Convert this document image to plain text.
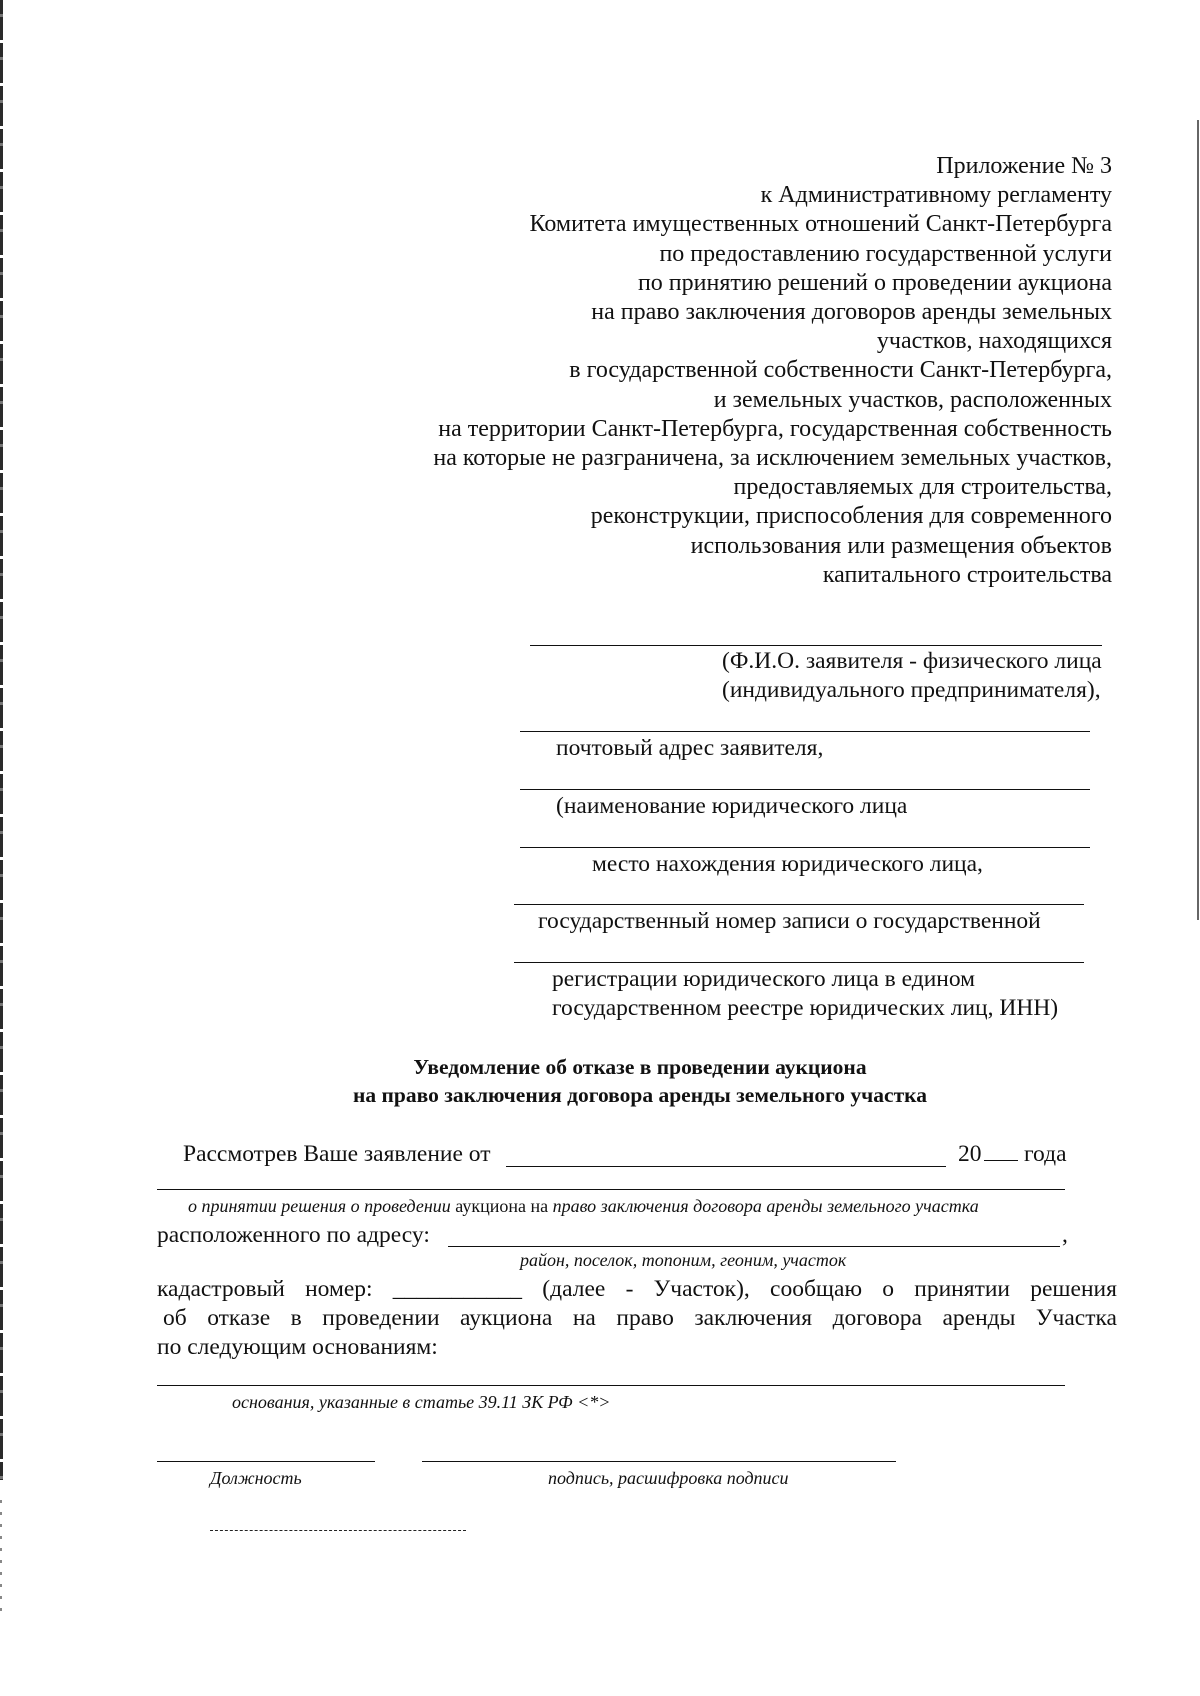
Приложение № 3
к Административному регламенту
Комитета имущественных отношений Санкт-Петербурга
по предоставлению государственной услуги
по принятию решений о проведении аукциона
на право заключения договоров аренды земельных
участков, находящихся
в государственной собственности Санкт-Петербурга,
и земельных участков, расположенных
на территории Санкт-Петербурга, государственная собственность
на которые не разграничена, за исключением земельных участков,
предоставляемых для строительства,
реконструкции, приспособления для современного
использования или размещения объектов
капитального строительства
(Ф.И.О. заявителя - физического лица
(индивидуального предпринимателя),
почтовый адрес заявителя,
(наименование юридического лица
место нахождения юридического лица,
государственный номер записи о государственной
регистрации юридического лица в едином
государственном реестре юридических лиц, ИНН)
Уведомление об отказе в проведении аукциона
на право заключения договора аренды земельного участка
Рассмотрев Ваше заявление от	20	года
о принятии решения о проведении аукциона на право заключения договора аренды земельного участка
расположенного по адресу:	,
район, поселок, топоним, геоним, участок
кадастровый номер: ___________ (далее - Участок), сообщаю о принятии решения
об отказе в проведении аукциона на право заключения договора аренды Участка
по следующим основаниям:
основания, указанные в статье 39.11 ЗК РФ <*>
Должность	подпись, расшифровка подписи
